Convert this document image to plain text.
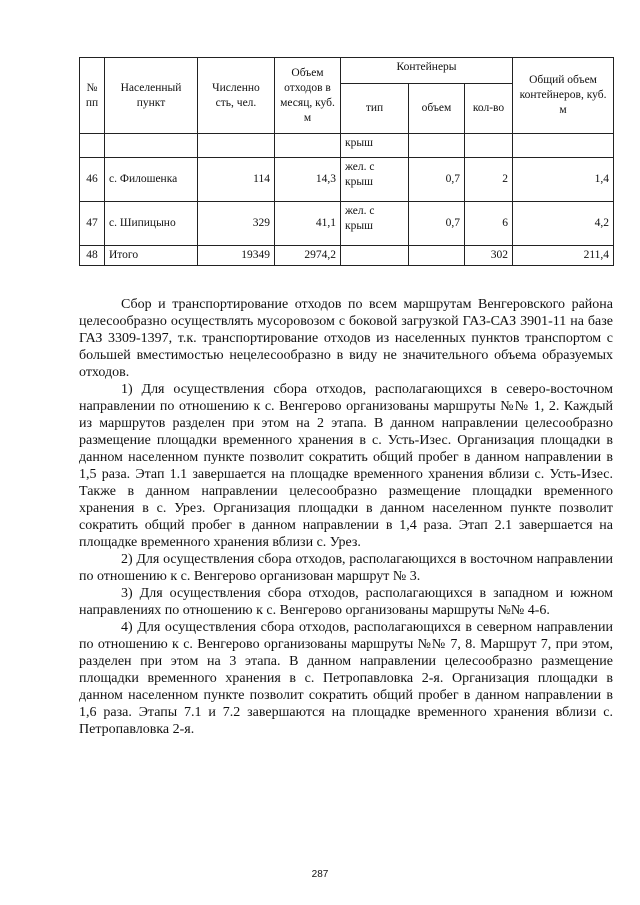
№ пп	Населенный пункт	Численно сть, чел.	Объем отходов в месяц, куб. м	Контейнеры			Общий объем контейнеров, куб. м
				тип	объем	кол-во	
				крыш			
46	с. Филошенка	114	14,3	жел. с крыш	0,7	2	1,4
47	с. Шипицыно	329	41,1	жел. с крыш	0,7	6	4,2
48	Итого	19349	2974,2			302	211,4

Сбор и транспортирование отходов по всем маршрутам Венгеровского района целесообразно осуществлять мусоровозом с боковой загрузкой ГАЗ-САЗ 3901-11 на базе ГАЗ 3309-1397, т.к. транспортирование отходов из населенных пунктов транспортом с большей вместимостью нецелесообразно в виду не значительного объема образуемых отходов.

1) Для осуществления сбора отходов, располагающихся в северо-восточном направлении по отношению к с. Венгерово организованы маршруты №№ 1, 2. Каждый из маршрутов разделен при этом на 2 этапа. В данном направлении целесообразно размещение площадки временного хранения в с. Усть-Изес. Организация площадки в данном населенном пункте позволит сократить общий пробег в данном направлении в 1,5 раза. Этап 1.1 завершается на площадке временного хранения вблизи с. Усть-Изес. Также в данном направлении целесообразно размещение площадки временного хранения в с. Урез. Организация площадки в данном населенном пункте позволит сократить общий пробег в данном направлении в 1,4 раза. Этап 2.1 завершается на площадке временного хранения вблизи с. Урез.

2) Для осуществления сбора отходов, располагающихся в восточном направлении по отношению к с. Венгерово организован маршрут № 3.

3) Для осуществления сбора отходов, располагающихся в западном и южном направлениях по отношению к с. Венгерово организованы маршруты №№ 4-6.

4) Для осуществления сбора отходов, располагающихся в северном направлении по отношению к с. Венгерово организованы маршруты №№ 7, 8. Маршрут 7, при этом, разделен при этом на 3 этапа. В данном направлении целесообразно размещение площадки временного хранения в с. Петропавловка 2-я. Организация площадки в данном населенном пункте позволит сократить общий пробег в данном направлении в 1,6 раза. Этапы 7.1 и 7.2 завершаются на площадке временного хранения вблизи с. Петропавловка 2-я.

287
